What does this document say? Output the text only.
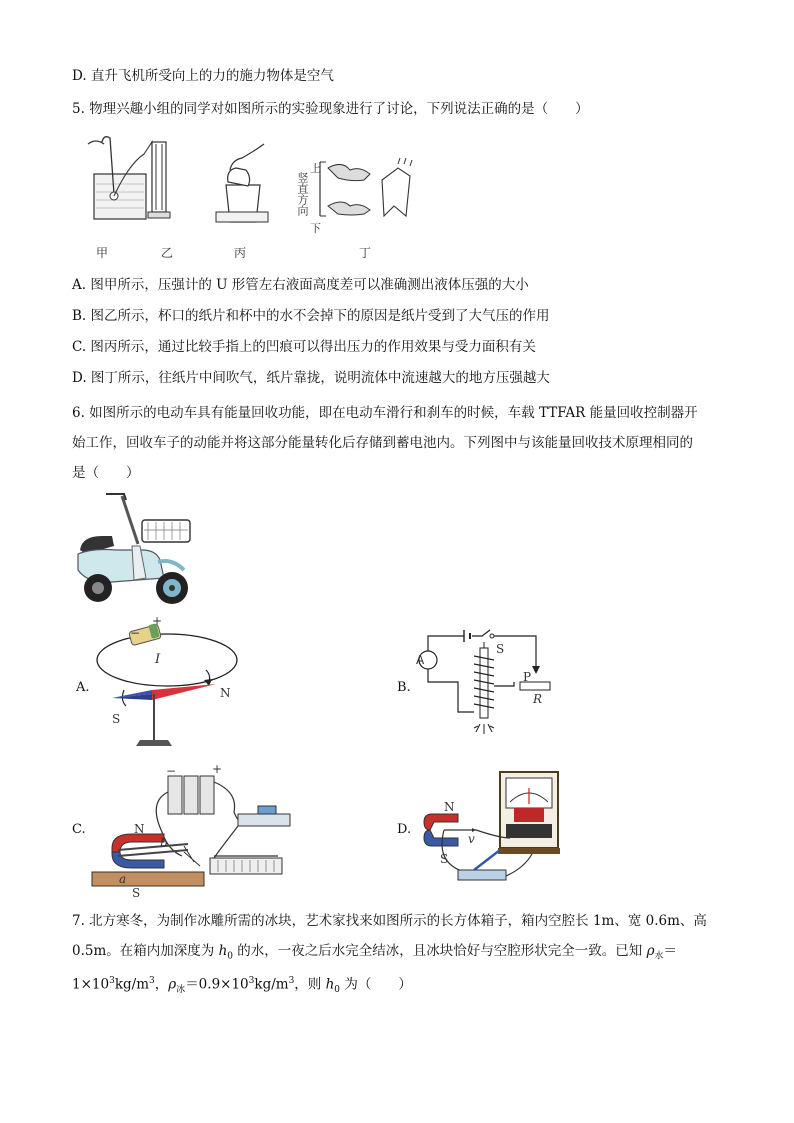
D. 直升飞机所受向上的力的施力物体是空气
5. 物理兴趣小组的同学对如图所示的实验现象进行了讨论，下列说法正确的是（　　）
甲	乙	丙
上
竖直方向
下
丁
A. 图甲所示，压强计的 U 形管左右液面高度差可以准确测出液体压强的大小
B. 图乙所示，杯口的纸片和杯中的水不会掉下的原因是纸片受到了大气压的作用
C. 图丙所示，通过比较手指上的凹痕可以得出压力的作用效果与受力面积有关
D. 图丁所示，往纸片中间吹气，纸片靠拢，说明流体中流速越大的地方压强越大
6. 如图所示的电动车具有能量回收功能，即在电动车滑行和刹车的时候，车载 TTFAR 能量回收控制器开
始工作，回收车子的动能并将这部分能量转化后存储到蓄电池内。下列图中与该能量回收技术原理相同的
是（　　）
A.
−
+
I
N
S
B.
A
S
P
R
C.
−	+
N
b
a
S
D.
N
S
v
7. 北方寒冬，为制作冰雕所需的冰块，艺术家找来如图所示的长方体箱子，箱内空腔长 1m、宽 0.6m、高
0.5m。在箱内加深度为 $h_0$ 的水，一夜之后水完全结冰，且冰块恰好与空腔形状完全一致。已知 $\rho_水=$
$1\times 10^3kg/m^3$，$\rho_冰=0.9\times 10^3kg/m^3$，则 $h_0$ 为（　　）
